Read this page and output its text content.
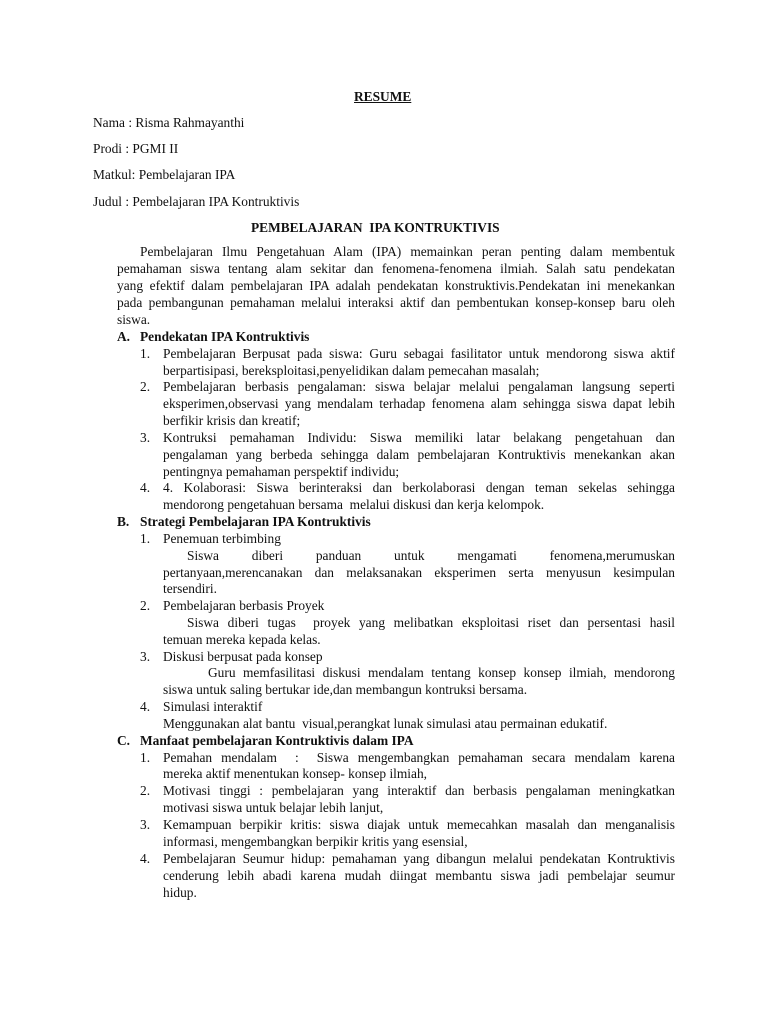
RESUME
Nama : Risma Rahmayanthi
Prodi : PGMI II
Matkul: Pembelajaran IPA
Judul : Pembelajaran IPA Kontruktivis
PEMBELAJARAN  IPA KONTRUKTIVIS
Pembelajaran Ilmu Pengetahuan Alam (IPA) memainkan peran penting dalam membentuk
pemahaman siswa tentang alam sekitar dan fenomena-fenomena ilmiah. Salah satu pendekatan
yang efektif dalam pembelajaran IPA adalah pendekatan konstruktivis.Pendekatan ini menekankan
pada pembangunan pemahaman melalui interaksi aktif dan pembentukan konsep-konsep baru oleh
siswa.
A. Pendekatan IPA Kontruktivis
1. Pembelajaran Berpusat pada siswa: Guru sebagai fasilitator untuk mendorong siswa aktif
berpartisipasi, bereksploitasi,penyelidikan dalam pemecahan masalah;
2. Pembelajaran berbasis pengalaman: siswa belajar melalui pengalaman langsung seperti
eksperimen,observasi yang mendalam terhadap fenomena alam sehingga siswa dapat lebih
berfikir krisis dan kreatif;
3. Kontruksi pemahaman Individu: Siswa memiliki latar belakang pengetahuan dan
pengalaman yang berbeda sehingga dalam pembelajaran Kontruktivis menekankan akan
pentingnya pemahaman perspektif individu;
4. 4. Kolaborasi: Siswa berinteraksi dan berkolaborasi dengan teman sekelas sehingga
mendorong pengetahuan bersama  melalui diskusi dan kerja kelompok.
B. Strategi Pembelajaran IPA Kontruktivis
1. Penemuan terbimbing
Siswa diberi panduan untuk mengamati fenomena,merumuskan
pertanyaan,merencanakan dan melaksanakan eksperimen serta menyusun kesimpulan
tersendiri.
2. Pembelajaran berbasis Proyek
Siswa diberi tugas  proyek yang melibatkan eksploitasi riset dan persentasi hasil
temuan mereka kepada kelas.
3. Diskusi berpusat pada konsep
Guru memfasilitasi diskusi mendalam tentang konsep konsep ilmiah, mendorong
siswa untuk saling bertukar ide,dan membangun kontruksi bersama.
4. Simulasi interaktif
Menggunakan alat bantu  visual,perangkat lunak simulasi atau permainan edukatif.
C. Manfaat pembelajaran Kontruktivis dalam IPA
1. Pemahan mendalam  :  Siswa mengembangkan pemahaman secara mendalam karena
mereka aktif menentukan konsep- konsep ilmiah,
2. Motivasi tinggi : pembelajaran yang interaktif dan berbasis pengalaman meningkatkan
motivasi siswa untuk belajar lebih lanjut,
3. Kemampuan berpikir kritis: siswa diajak untuk memecahkan masalah dan menganalisis
informasi, mengembangkan berpikir kritis yang esensial,
4. Pembelajaran Seumur hidup: pemahaman yang dibangun melalui pendekatan Kontruktivis
cenderung lebih abadi karena mudah diingat membantu siswa jadi pembelajar seumur
hidup.
